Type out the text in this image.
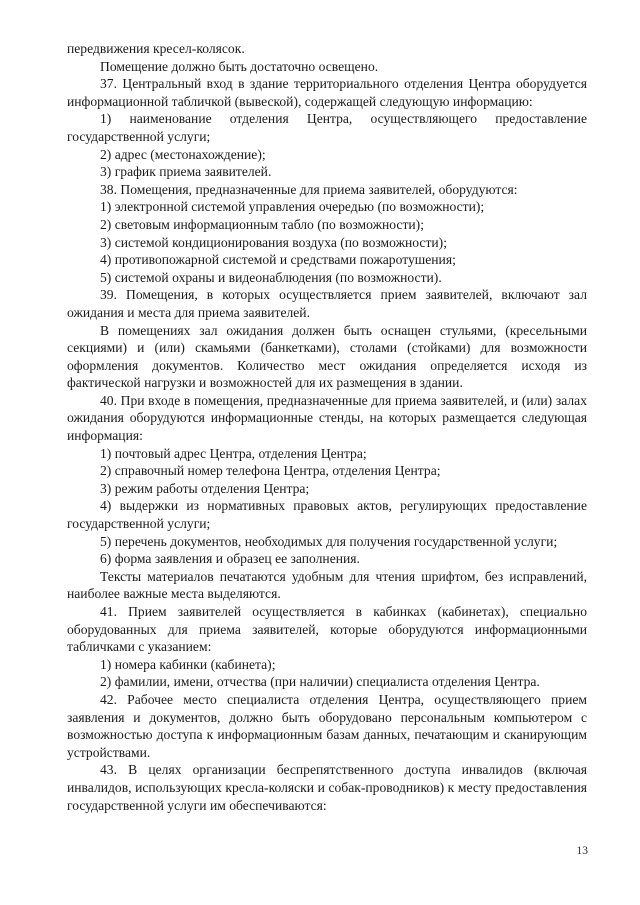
передвижения кресел-колясок.

Помещение должно быть достаточно освещено.

37. Центральный вход в здание территориального отделения Центра оборудуется информационной табличкой (вывеской), содержащей следующую информацию:

1) наименование отделения Центра, осуществляющего предоставление государственной услуги;

2) адрес (местонахождение);

3) график приема заявителей.

38. Помещения, предназначенные для приема заявителей, оборудуются:

1) электронной системой управления очередью (по возможности);

2) световым информационным табло (по возможности);

3) системой кондиционирования воздуха (по возможности);

4) противопожарной системой и средствами пожаротушения;

5) системой охраны и видеонаблюдения (по возможности).

39. Помещения, в которых осуществляется прием заявителей, включают зал ожидания и места для приема заявителей.

В помещениях зал ожидания должен быть оснащен стульями, (кресельными секциями) и (или) скамьями (банкетками), столами (стойками) для возможности оформления документов. Количество мест ожидания определяется исходя из фактической нагрузки и возможностей для их размещения в здании.

40. При входе в помещения, предназначенные для приема заявителей, и (или) залах ожидания оборудуются информационные стенды, на которых размещается следующая информация:

1) почтовый адрес Центра, отделения Центра;

2) справочный номер телефона Центра, отделения Центра;

3) режим работы отделения Центра;

4) выдержки из нормативных правовых актов, регулирующих предоставление государственной услуги;

5) перечень документов, необходимых для получения государственной услуги;

6) форма заявления и образец ее заполнения.

Тексты материалов печатаются удобным для чтения шрифтом, без исправлений, наиболее важные места выделяются.

41. Прием заявителей осуществляется в кабинках (кабинетах), специально оборудованных для приема заявителей, которые оборудуются информационными табличками с указанием:

1) номера кабинки (кабинета);

2) фамилии, имени, отчества (при наличии) специалиста отделения Центра.

42. Рабочее место специалиста отделения Центра, осуществляющего прием заявления и документов, должно быть оборудовано персональным компьютером с возможностью доступа к информационным базам данных, печатающим и сканирующим устройствами.

43. В целях организации беспрепятственного доступа инвалидов (включая инвалидов, использующих кресла-коляски и собак-проводников) к месту предоставления государственной услуги им обеспечиваются:

13
